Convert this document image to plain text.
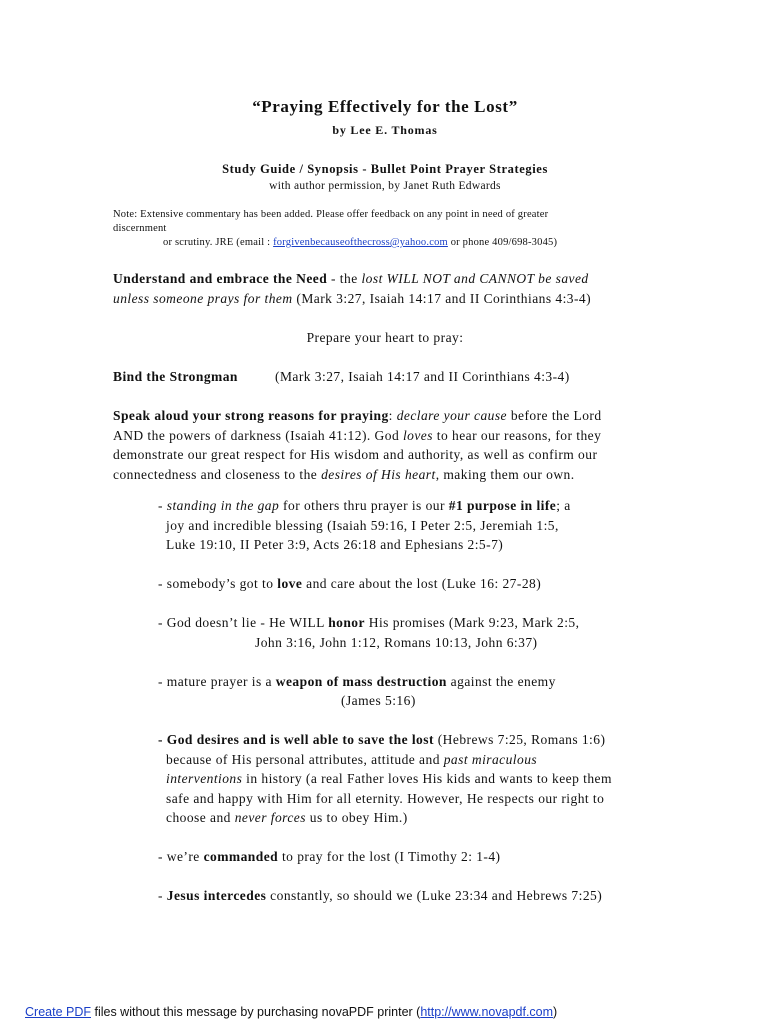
“Praying Effectively for the Lost”
by Lee E. Thomas
Study Guide / Synopsis - Bullet Point Prayer Strategies
with author permission, by Janet Ruth Edwards
Note: Extensive commentary has been added. Please offer feedback on any point in need of greater
discernment
or scrutiny. JRE (email : forgivenbecauseofthecross@yahoo.com or phone 409/698-3045)
Understand and embrace the Need - the lost WILL NOT and CANNOT be saved
unless someone prays for them (Mark 3:27, Isaiah 14:17 and II Corinthians 4:3-4)
Prepare your heart to pray:
Bind the Strongman	(Mark 3:27, Isaiah 14:17 and II Corinthians 4:3-4)
Speak aloud your strong reasons for praying: declare your cause before the Lord
AND the powers of darkness (Isaiah 41:12). God loves to hear our reasons, for they
demonstrate our great respect for His wisdom and authority, as well as confirm our
connectedness and closeness to the desires of His heart, making them our own.
- standing in the gap for others thru prayer is our #1 purpose in life; a
joy and incredible blessing (Isaiah 59:16, I Peter 2:5, Jeremiah 1:5,
Luke 19:10, II Peter 3:9, Acts 26:18 and Ephesians 2:5-7)
- somebody’s got to love and care about the lost (Luke 16: 27-28)
- God doesn’t lie - He WILL honor His promises (Mark 9:23, Mark 2:5,
John 3:16, John 1:12, Romans 10:13, John 6:37)
- mature prayer is a weapon of mass destruction against the enemy
(James 5:16)
- God desires and is well able to save the lost (Hebrews 7:25, Romans 1:6)
because of His personal attributes, attitude and past miraculous
interventions in history (a real Father loves His kids and wants to keep them
safe and happy with Him for all eternity. However, He respects our right to
choose and never forces us to obey Him.)
- we’re commanded to pray for the lost (I Timothy 2: 1-4)
- Jesus intercedes constantly, so should we (Luke 23:34 and Hebrews 7:25)
Create PDF files without this message by purchasing novaPDF printer (http://www.novapdf.com)
